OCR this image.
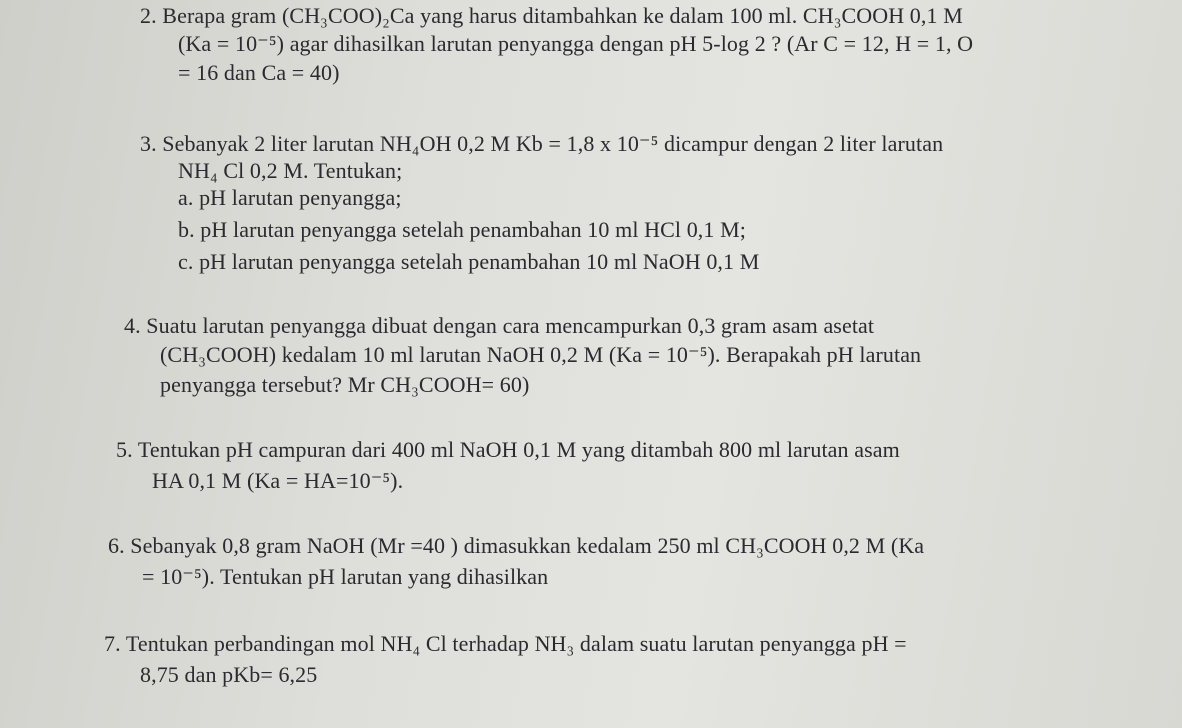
2. Berapa gram (CH₃COO)₂Ca yang harus ditambahkan ke dalam 100 ml. CH₃COOH 0,1 M
(Ka = 10⁻⁵) agar dihasilkan larutan penyangga dengan pH 5-log 2 ? (Ar C = 12, H = 1, O
= 16 dan Ca = 40)
3. Sebanyak 2 liter larutan NH₄OH 0,2 M Kb = 1,8 x 10⁻⁵ dicampur dengan 2 liter larutan
NH₄ Cl 0,2 M. Tentukan;
a. pH larutan penyangga;
b. pH larutan penyangga setelah penambahan 10 ml HCl 0,1 M;
c. pH larutan penyangga setelah penambahan 10 ml NaOH 0,1 M
4. Suatu larutan penyangga dibuat dengan cara mencampurkan 0,3 gram asam asetat
(CH₃COOH) kedalam 10 ml larutan NaOH 0,2 M (Ka = 10⁻⁵). Berapakah pH larutan
penyangga tersebut? Mr CH₃COOH= 60)
5. Tentukan pH campuran dari 400 ml NaOH 0,1 M yang ditambah 800 ml larutan asam
HA 0,1 M (Ka = HA=10⁻⁵).
6. Sebanyak 0,8 gram NaOH (Mr =40 ) dimasukkan kedalam 250 ml CH₃COOH 0,2 M (Ka
= 10⁻⁵). Tentukan pH larutan yang dihasilkan
7. Tentukan perbandingan mol NH₄ Cl terhadap NH₃ dalam suatu larutan penyangga pH =
8,75 dan pKb= 6,25
